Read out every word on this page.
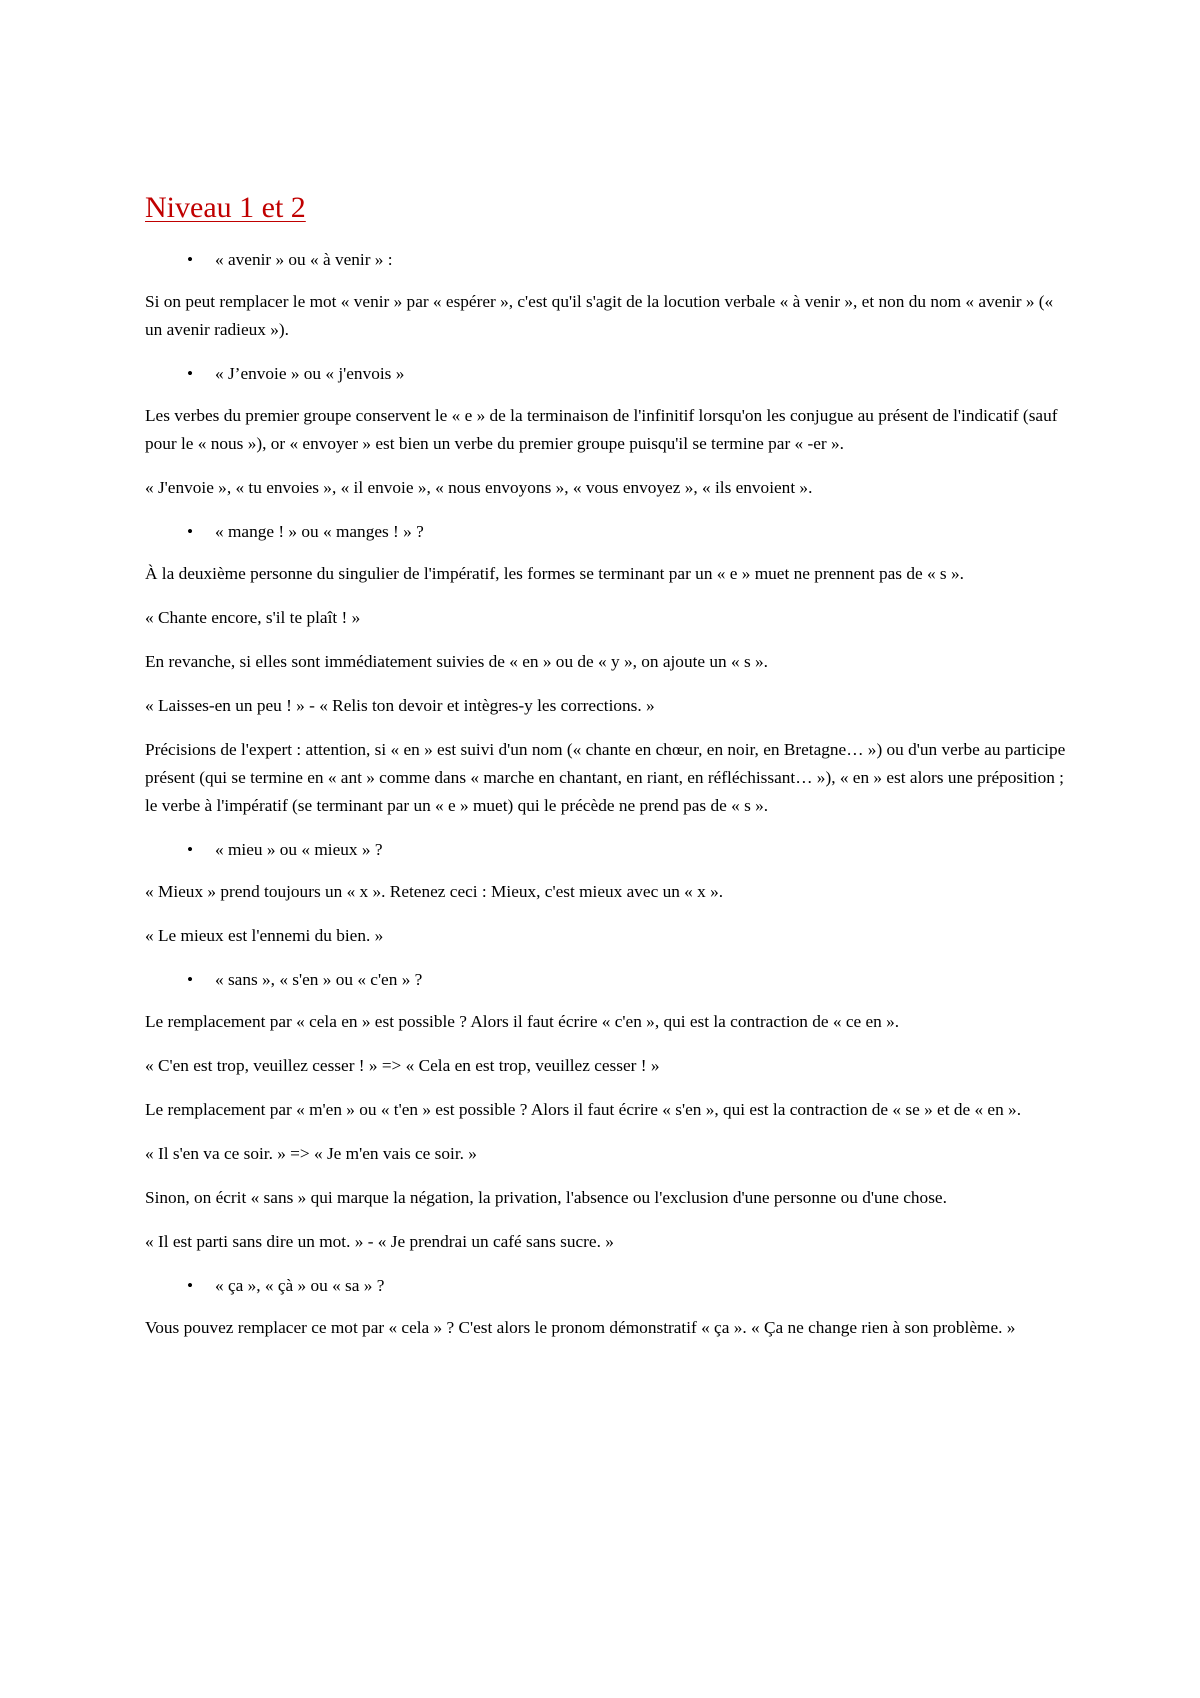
Niveau 1 et 2
• « avenir » ou « à venir » :

Si on peut remplacer le mot « venir » par « espérer », c'est qu'il s'agit de la locution verbale « à venir », et non du nom « avenir » (« un avenir radieux »).

• « J’envoie » ou « j'envois »

Les verbes du premier groupe conservent le « e » de la terminaison de l'infinitif lorsqu'on les conjugue au présent de l'indicatif (sauf pour le « nous »), or « envoyer » est bien un verbe du premier groupe puisqu'il se termine par « -er ».

« J'envoie », « tu envoies », « il envoie », « nous envoyons », « vous envoyez », « ils envoient ».

• « mange ! » ou « manges ! » ?

À la deuxième personne du singulier de l'impératif, les formes se terminant par un « e » muet ne prennent pas de « s ».

« Chante encore, s'il te plaît ! »

En revanche, si elles sont immédiatement suivies de « en » ou de « y », on ajoute un « s ».

« Laisses-en un peu ! » - « Relis ton devoir et intègres-y les corrections. »

Précisions de l'expert : attention, si « en » est suivi d'un nom (« chante en chœur, en noir, en Bretagne… ») ou d'un verbe au participe présent (qui se termine en « ant » comme dans « marche en chantant, en riant, en réfléchissant… »), « en » est alors une préposition ; le verbe à l'impératif (se terminant par un « e » muet) qui le précède ne prend pas de « s ».

• « mieu » ou « mieux » ?

« Mieux » prend toujours un « x ». Retenez ceci : Mieux, c'est mieux avec un « x ».

« Le mieux est l'ennemi du bien. »

• « sans », « s'en » ou « c'en » ?

Le remplacement par « cela en » est possible ? Alors il faut écrire « c'en », qui est la contraction de « ce en ».

« C'en est trop, veuillez cesser ! » => « Cela en est trop, veuillez cesser ! »

Le remplacement par « m'en » ou « t'en » est possible ? Alors il faut écrire « s'en », qui est la contraction de « se » et de « en ».

« Il s'en va ce soir. » => « Je m'en vais ce soir. »

Sinon, on écrit « sans » qui marque la négation, la privation, l'absence ou l'exclusion d'une personne ou d'une chose.

« Il est parti sans dire un mot. » - « Je prendrai un café sans sucre. »

• « ça », « çà » ou « sa » ?

Vous pouvez remplacer ce mot par « cela » ? C'est alors le pronom démonstratif « ça ». « Ça ne change rien à son problème. »
